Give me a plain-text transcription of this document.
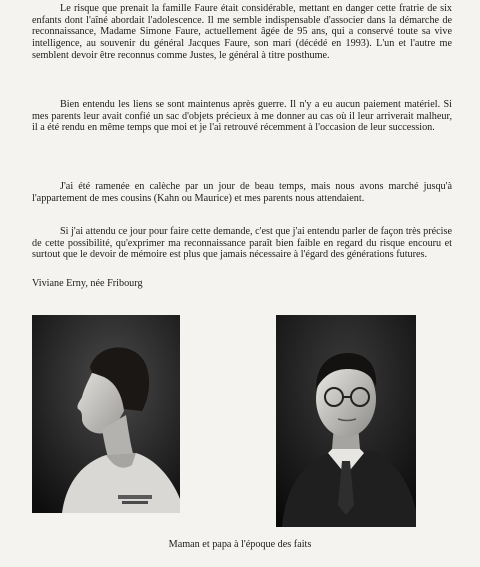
Le risque que prenait la famille Faure était considérable, mettant en danger cette fratrie de six enfants dont l'aîné abordait l'adolescence. Il me semble indispensable d'associer dans la démarche de reconnaissance, Madame Simone Faure, actuellement âgée de 95 ans, qui a conservé toute sa vive intelligence, au souvenir du général Jacques Faure, son mari (décédé en 1993). L'un et l'autre me semblent devoir être reconnus comme Justes, le général à titre posthume.

Bien entendu les liens se sont maintenus après guerre. Il n'y a eu aucun paiement matériel. Si mes parents leur avait confié un sac d'objets précieux à me donner au cas où il leur arriverait malheur, il a été rendu en même temps que moi et je l'ai retrouvé récemment à l'occasion de leur succession.

J'ai été ramenée en calèche par un jour de beau temps, mais nous avons marché jusqu'à l'appartement de mes cousins (Kahn ou Maurice) et mes parents nous attendaient.

Si j'ai attendu ce jour pour faire cette demande, c'est que j'ai entendu parler de façon très précise de cette possibilité, qu'exprimer ma reconnaissance paraît bien faible en regard du risque encouru et surtout que le devoir de mémoire est plus que jamais nécessaire à l'égard des générations futures.

Viviane Erny, née Fribourg

Maman et papa à l'époque des faits
